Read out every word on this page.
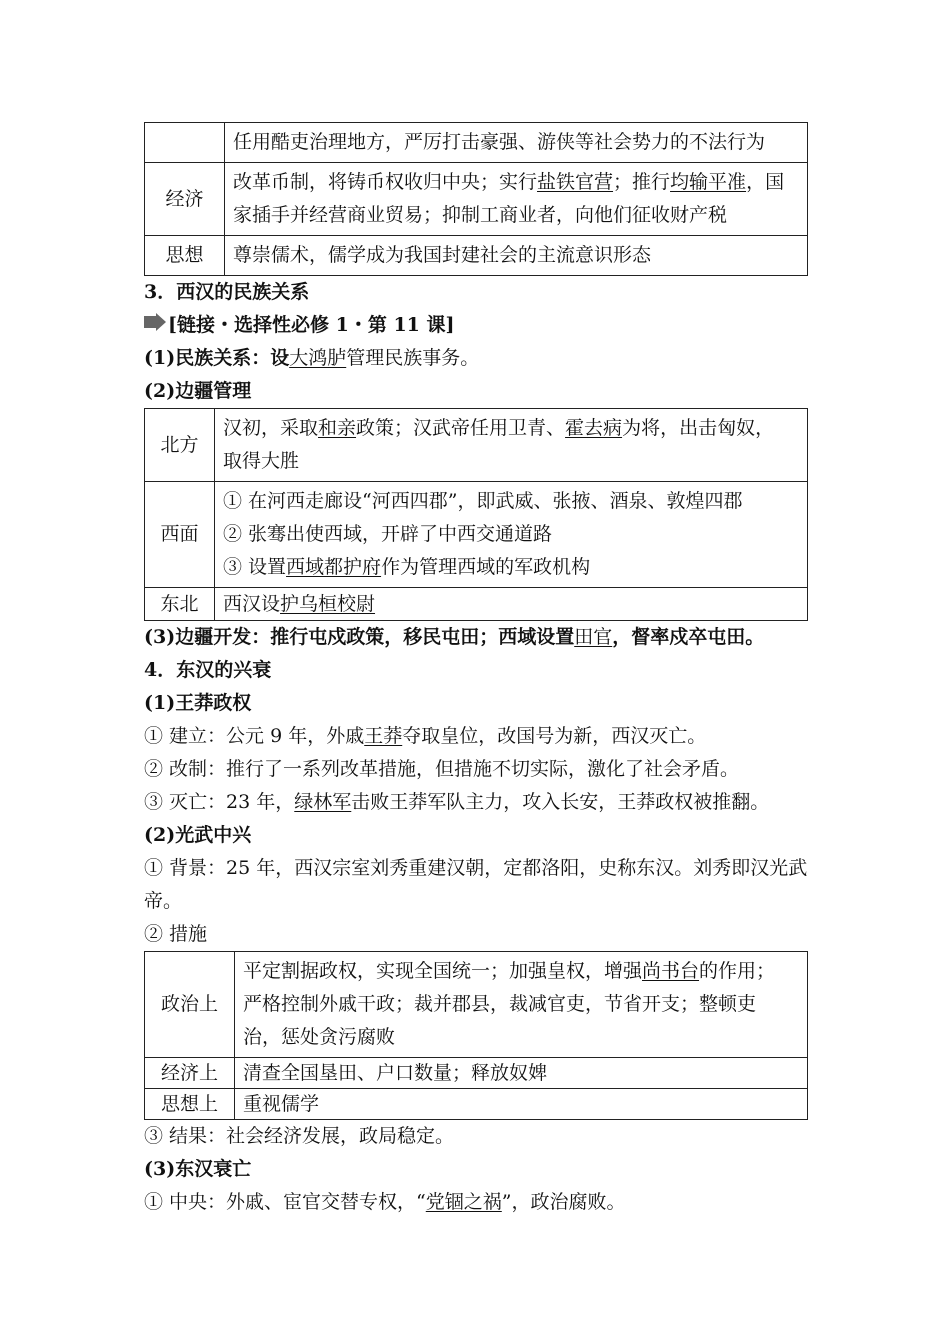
	任用酷吏治理地方，严厉打击豪强、游侠等社会势力的不法行为
经济	改革币制，将铸币权收归中央；实行盐铁官营；推行均输平准，国
家插手并经营商业贸易；抑制工商业者，向他们征收财产税

思想	尊崇儒术，儒学成为我国封建社会的主流意识形态

3．西汉的民族关系

[链接・选择性必修 1・第 11 课]

(1)民族关系：设大鸿胪管理民族事务。

(2)边疆管理

北方	汉初，采取和亲政策；汉武帝任用卫青、霍去病为将，出击匈奴，
取得大胜

西面	① 在河西走廊设“河西四郡”，即武威、张掖、酒泉、敦煌四郡
② 张骞出使西域，开辟了中西交通道路
③ 设置西域都护府作为管理西域的军政机构

东北	西汉设护乌桓校尉

(3)边疆开发：推行屯戍政策，移民屯田；西域设置田官，督率戍卒屯田。

4．东汉的兴衰

(1)王莽政权

① 建立：公元 9 年，外戚王莽夺取皇位，改国号为新，西汉灭亡。

② 改制：推行了一系列改革措施，但措施不切实际，激化了社会矛盾。

③ 灭亡：23 年，绿林军击败王莽军队主力，攻入长安，王莽政权被推翻。

(2)光武中兴

① 背景：25 年，西汉宗室刘秀重建汉朝，定都洛阳，史称东汉。刘秀即汉光武

帝。

② 措施

政治上	平定割据政权，实现全国统一；加强皇权，增强尚书台的作用；
严格控制外戚干政；裁并郡县，裁减官吏，节省开支；整顿吏
治，惩处贪污腐败

经济上	清查全国垦田、户口数量；释放奴婢
思想上	重视儒学

③ 结果：社会经济发展，政局稳定。

(3)东汉衰亡

① 中央：外戚、宦官交替专权，“党锢之祸”，政治腐败。
